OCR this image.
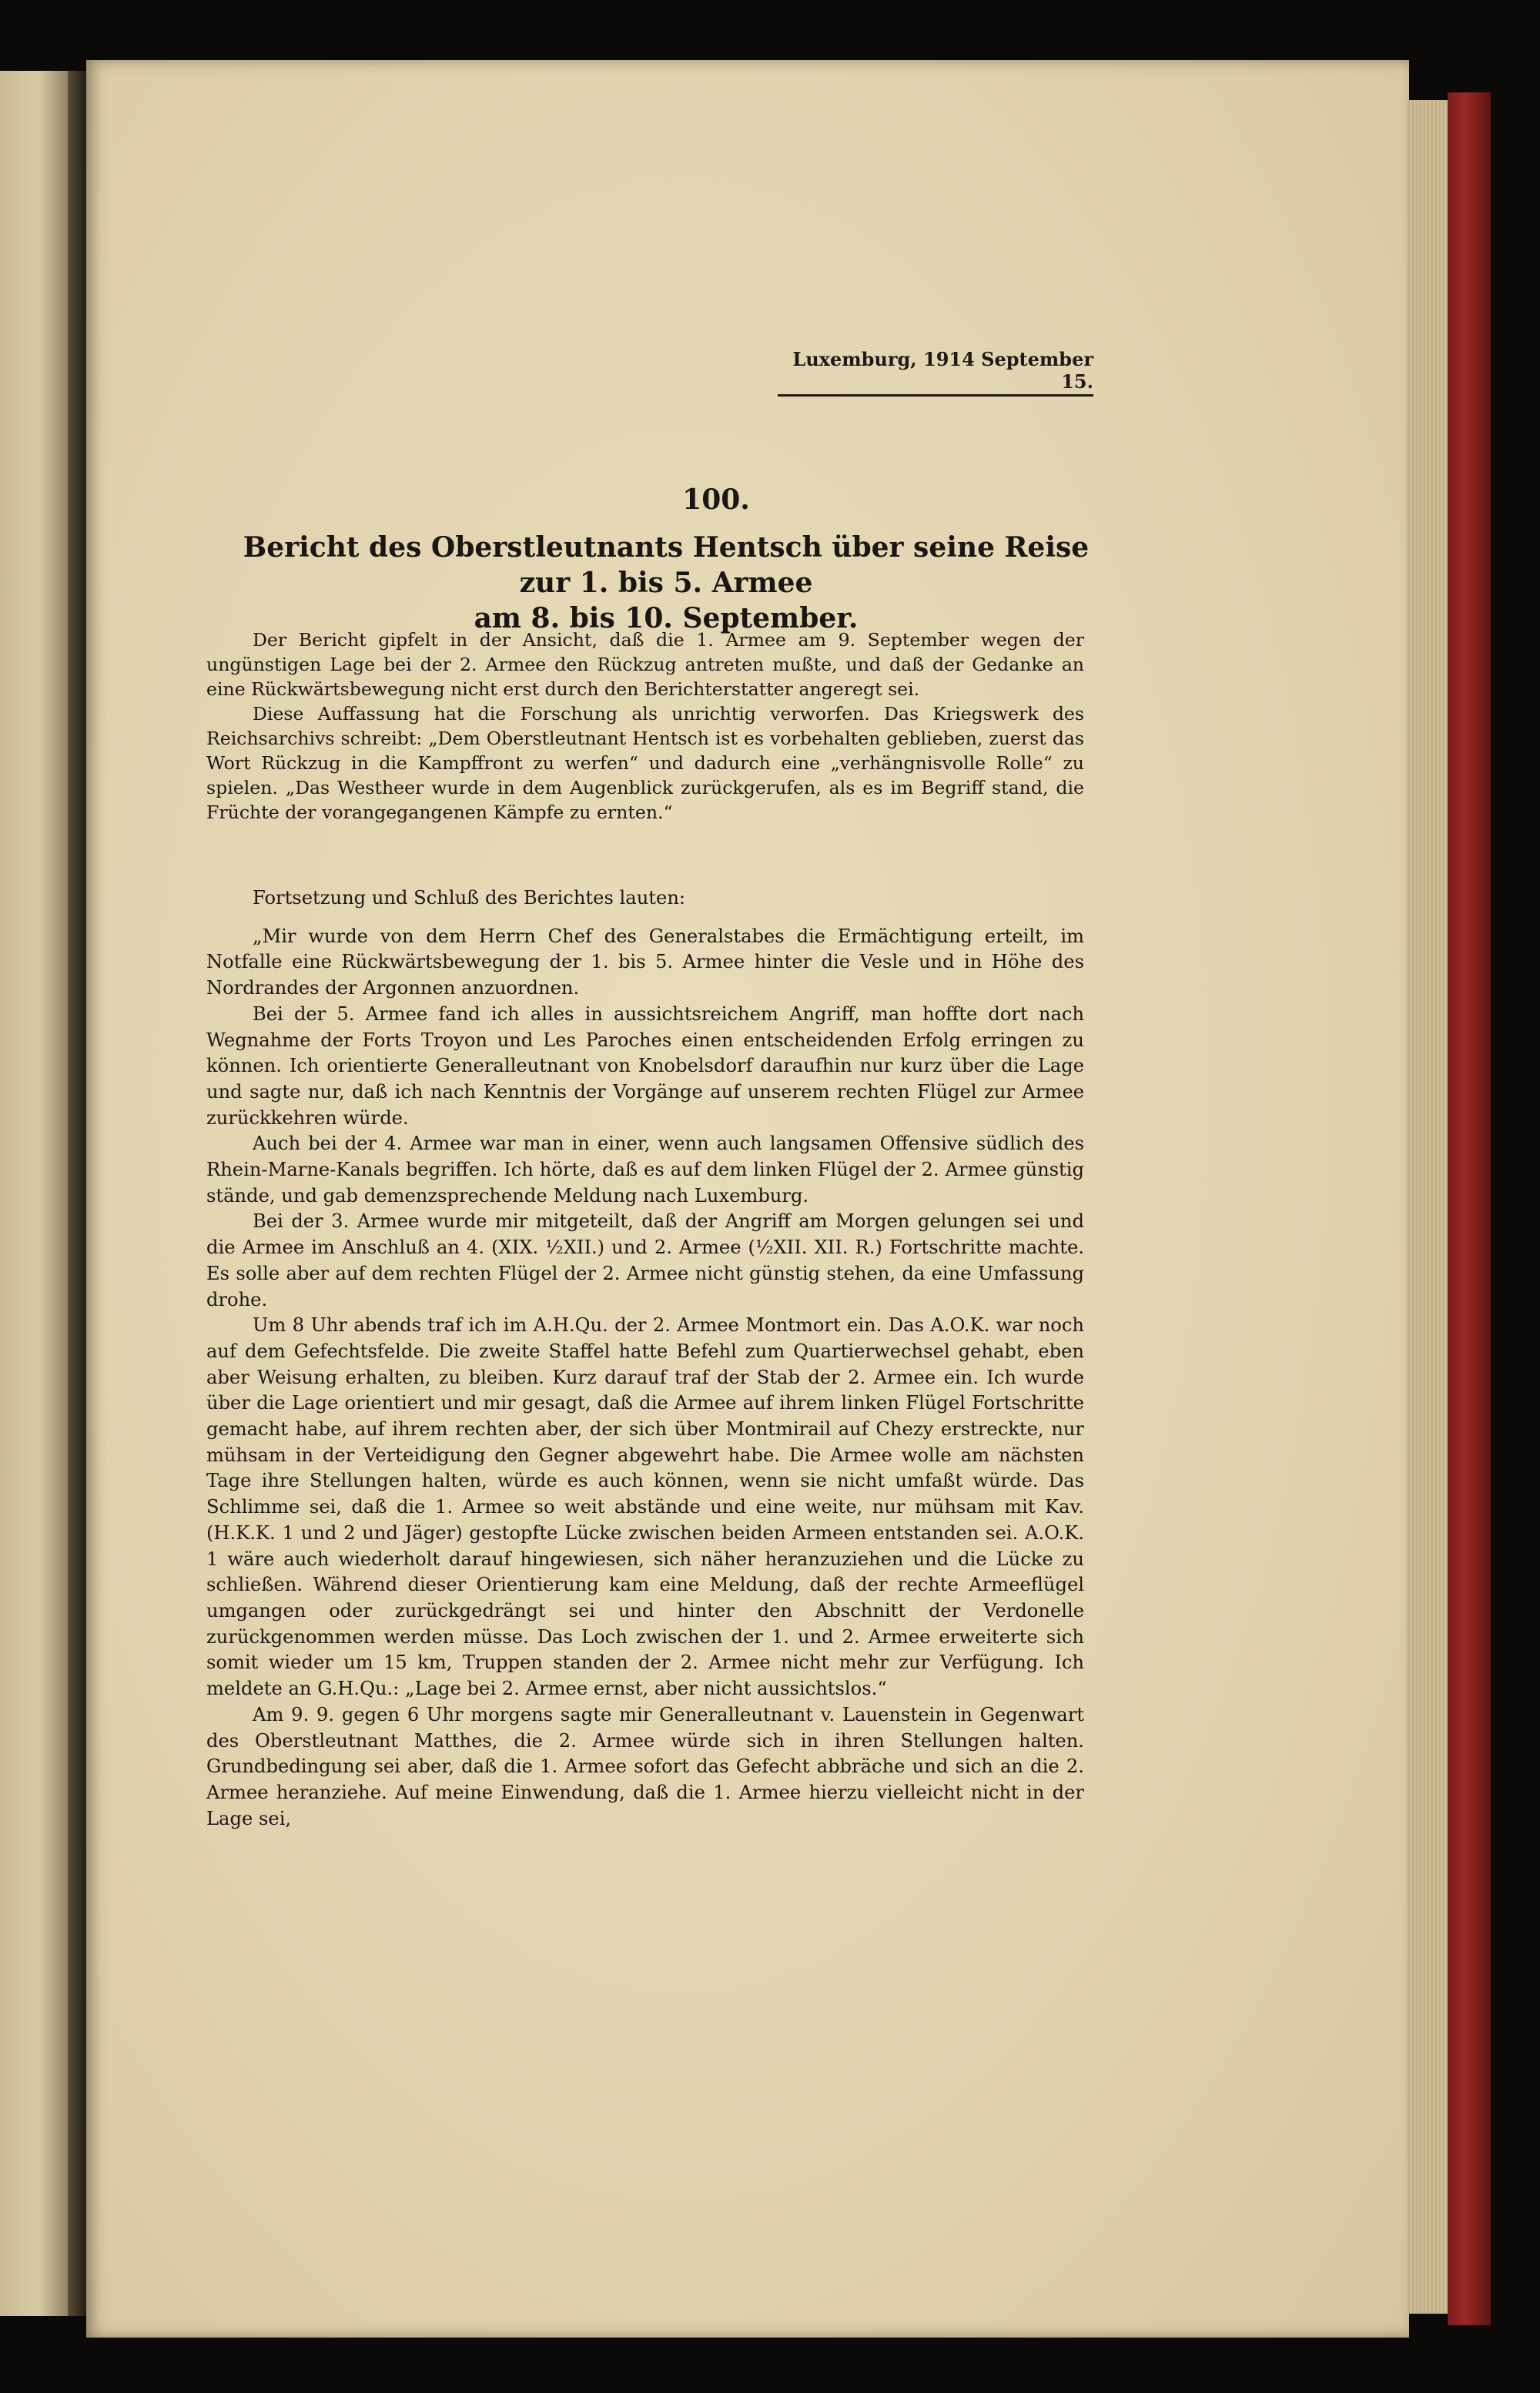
Luxemburg, 1914 September 15.
100.
Bericht des Oberstleutnants Hentsch über seine Reise zur 1. bis 5. Armee
am 8. bis 10. September.

Der Bericht gipfelt in der Ansicht, daß die 1. Armee am 9. September wegen der ungünstigen Lage bei der 2. Armee den Rückzug antreten mußte, und daß der Gedanke an eine Rückwärtsbewegung nicht erst durch den Berichterstatter angeregt sei.

Diese Auffassung hat die Forschung als unrichtig verworfen. Das Kriegswerk des Reichsarchivs schreibt: „Dem Oberstleutnant Hentsch ist es vorbehalten geblieben, zuerst das Wort Rückzug in die Kampffront zu werfen“ und dadurch eine „verhängnisvolle Rolle“ zu spielen. „Das Westheer wurde in dem Augenblick zurückgerufen, als es im Begriff stand, die Früchte der vorangegangenen Kämpfe zu ernten.“

Fortsetzung und Schluß des Berichtes lauten:

„Mir wurde von dem Herrn Chef des Generalstabes die Ermächtigung erteilt, im Notfalle eine Rückwärtsbewegung der 1. bis 5. Armee hinter die Vesle und in Höhe des Nordrandes der Argonnen anzuordnen.

Bei der 5. Armee fand ich alles in aussichtsreichem Angriff, man hoffte dort nach Wegnahme der Forts Troyon und Les Paroches einen entscheidenden Erfolg erringen zu können. Ich orientierte Generalleutnant von Knobelsdorf daraufhin nur kurz über die Lage und sagte nur, daß ich nach Kenntnis der Vorgänge auf unserem rechten Flügel zur Armee zurückkehren würde.

Auch bei der 4. Armee war man in einer, wenn auch langsamen Offensive südlich des Rhein-Marne-Kanals begriffen. Ich hörte, daß es auf dem linken Flügel der 2. Armee günstig stände, und gab demenzsprechende Meldung nach Luxemburg.

Bei der 3. Armee wurde mir mitgeteilt, daß der Angriff am Morgen gelungen sei und die Armee im Anschluß an 4. (XIX. ½XII.) und 2. Armee (½XII. XII. R.) Fortschritte machte. Es solle aber auf dem rechten Flügel der 2. Armee nicht günstig stehen, da eine Umfassung drohe.

Um 8 Uhr abends traf ich im A.H.Qu. der 2. Armee Montmort ein. Das A.O.K. war noch auf dem Gefechtsfelde. Die zweite Staffel hatte Befehl zum Quartierwechsel gehabt, eben aber Weisung erhalten, zu bleiben. Kurz darauf traf der Stab der 2. Armee ein. Ich wurde über die Lage orientiert und mir gesagt, daß die Armee auf ihrem linken Flügel Fortschritte gemacht habe, auf ihrem rechten aber, der sich über Montmirail auf Chezy erstreckte, nur mühsam in der Verteidigung den Gegner abgewehrt habe. Die Armee wolle am nächsten Tage ihre Stellungen halten, würde es auch können, wenn sie nicht umfaßt würde. Das Schlimme sei, daß die 1. Armee so weit abstände und eine weite, nur mühsam mit Kav. (H.K.K. 1 und 2 und Jäger) gestopfte Lücke zwischen beiden Armeen entstanden sei. A.O.K. 1 wäre auch wiederholt darauf hingewiesen, sich näher heranzuziehen und die Lücke zu schließen. Während dieser Orientierung kam eine Meldung, daß der rechte Armeeflügel umgangen oder zurückgedrängt sei und hinter den Abschnitt der Verdonelle zurückgenommen werden müsse. Das Loch zwischen der 1. und 2. Armee erweiterte sich somit wieder um 15 km, Truppen standen der 2. Armee nicht mehr zur Verfügung. Ich meldete an G.H.Qu.: „Lage bei 2. Armee ernst, aber nicht aussichtslos.“

Am 9. 9. gegen 6 Uhr morgens sagte mir Generalleutnant v. Lauenstein in Gegenwart des Oberstleutnant Matthes, die 2. Armee würde sich in ihren Stellungen halten. Grundbedingung sei aber, daß die 1. Armee sofort das Gefecht abbräche und sich an die 2. Armee heranziehe. Auf meine Einwendung, daß die 1. Armee hierzu vielleicht nicht in der Lage sei,
